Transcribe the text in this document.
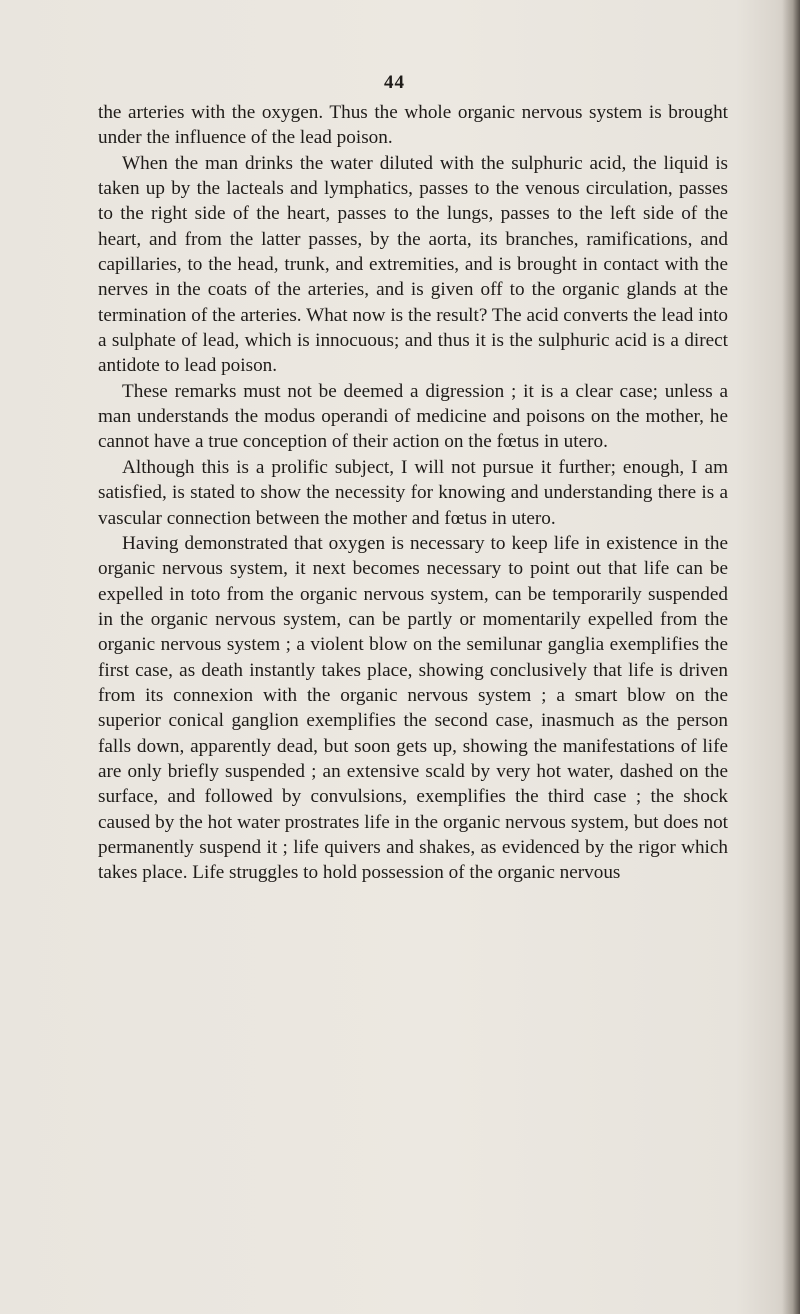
44

the arteries with the oxygen. Thus the whole organic nervous system is brought under the influence of the lead poison.

When the man drinks the water diluted with the sulphuric acid, the liquid is taken up by the lacteals and lymphatics, passes to the venous circulation, passes to the right side of the heart, passes to the lungs, passes to the left side of the heart, and from the latter passes, by the aorta, its branches, ramifications, and capillaries, to the head, trunk, and extremities, and is brought in contact with the nerves in the coats of the arteries, and is given off to the organic glands at the termination of the arteries. What now is the result? The acid converts the lead into a sulphate of lead, which is innocuous; and thus it is the sulphuric acid is a direct antidote to lead poison.

These remarks must not be deemed a digression ; it is a clear case; unless a man understands the modus operandi of medicine and poisons on the mother, he cannot have a true conception of their action on the fœtus in utero.

Although this is a prolific subject, I will not pursue it further; enough, I am satisfied, is stated to show the necessity for knowing and understanding there is a vascular connection between the mother and fœtus in utero.

Having demonstrated that oxygen is necessary to keep life in existence in the organic nervous system, it next becomes necessary to point out that life can be expelled in toto from the organic nervous system, can be temporarily suspended in the organic nervous system, can be partly or momentarily expelled from the organic nervous system ; a violent blow on the semilunar ganglia exemplifies the first case, as death instantly takes place, showing conclusively that life is driven from its connexion with the organic nervous system ; a smart blow on the superior conical ganglion exemplifies the second case, inasmuch as the person falls down, apparently dead, but soon gets up, showing the manifestations of life are only briefly suspended ; an extensive scald by very hot water, dashed on the surface, and followed by convulsions, exemplifies the third case ; the shock caused by the hot water prostrates life in the organic nervous system, but does not permanently suspend it ; life quivers and shakes, as evidenced by the rigor which takes place. Life struggles to hold possession of the organic nervous
